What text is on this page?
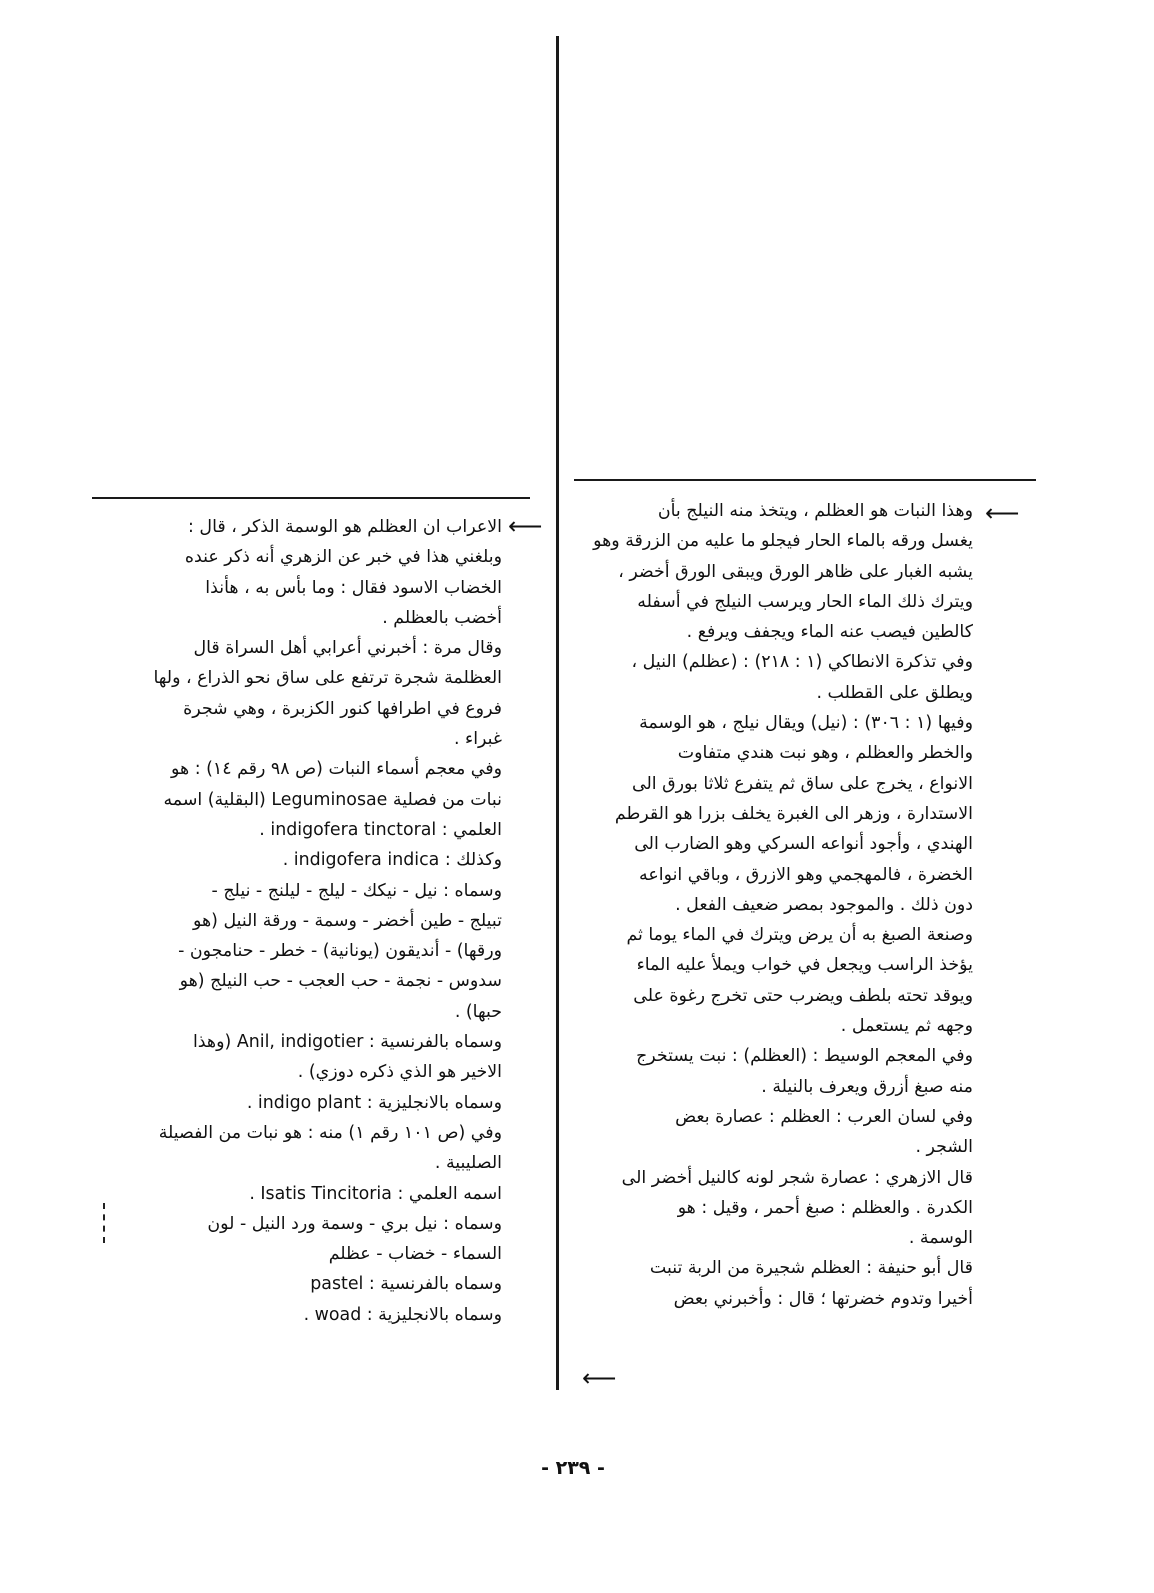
⟵
⟵
⟵
وهذا النبات هو العظلم ، ويتخذ منه النيلج بأن
يغسل ورقه بالماء الحار فيجلو ما عليه من الزرقة وهو
يشبه الغبار على ظاهر الورق ويبقى الورق أخضر ،
ويترك ذلك الماء الحار ويرسب النيلج في أسفله
كالطين فيصب عنه الماء ويجفف ويرفع .
وفي تذكرة الانطاكي (١ : ٢١٨) : (عظلم) النيل ،
ويطلق على القطلب .
وفيها (١ : ٣٠٦) : (نيل) ويقال نيلج ، هو الوسمة
والخطر والعظلم ، وهو نبت هندي متفاوت
الانواع ، يخرج على ساق ثم يتفرع ثلاثا بورق الى
الاستدارة ، وزهر الى الغبرة يخلف بزرا هو القرطم
الهندي ، وأجود أنواعه السركي وهو الضارب الى
الخضرة ، فالمهجمي وهو الازرق ، وباقي انواعه
دون ذلك . والموجود بمصر ضعيف الفعل .
وصنعة الصبغ به أن يرض ويترك في الماء يوما ثم
يؤخذ الراسب ويجعل في خواب ويملأ عليه الماء
ويوقد تحته بلطف ويضرب حتى تخرج رغوة على
وجهه ثم يستعمل .
وفي المعجم الوسيط : (العظلم) : نبت يستخرج
منه صبغ أزرق ويعرف بالنيلة .
وفي لسان العرب : العظلم : عصارة بعض
الشجر .
قال الازهري : عصارة شجر لونه كالنيل أخضر الى
الكدرة . والعظلم : صبغ أحمر ، وقيل : هو
الوسمة .
قال أبو حنيفة : العظلم شجيرة من الربة تنبت
أخيرا وتدوم خضرتها ؛ قال : وأخبرني بعض
الاعراب ان العظلم هو الوسمة الذكر ، قال :
وبلغني هذا في خبر عن الزهري أنه ذكر عنده
الخضاب الاسود فقال : وما بأس به ، هأنذا
أخضب بالعظلم .
وقال مرة : أخبرني أعرابي أهل السراة قال
العظلمة شجرة ترتفع على ساق نحو الذراع ، ولها
فروع في اطرافها كنور الكزبرة ، وهي شجرة
غبراء .
وفي معجم أسماء النبات (ص ٩٨ رقم ١٤) : هو
نبات من فصلية Leguminosae (البقلية) اسمه
العلمي : indigofera tinctoral .
وكذلك : indigofera indica .
وسماه : نيل - نيكك - ليلج - ليلنج - نيلج -
تبيلج - طين أخضر - وسمة - ورقة النيل (هو
ورقها) - أنديقون (يونانية) - خطر - حنامجون -
سدوس - نجمة - حب العجب - حب النيلج (هو
حبها) .
وسماه بالفرنسية : Anil, indigotier (وهذا
الاخير هو الذي ذكره دوزي) .
وسماه بالانجليزية : indigo plant .
وفي (ص ١٠١ رقم ١) منه : هو نبات من الفصيلة
الصليبية .
اسمه العلمي : Isatis Tincitoria .
وسماه : نيل بري - وسمة ورد النيل - لون
السماء - خضاب - عظلم
وسماه بالفرنسية : pastel
وسماه بالانجليزية : woad .
- ٢٣٩ -
